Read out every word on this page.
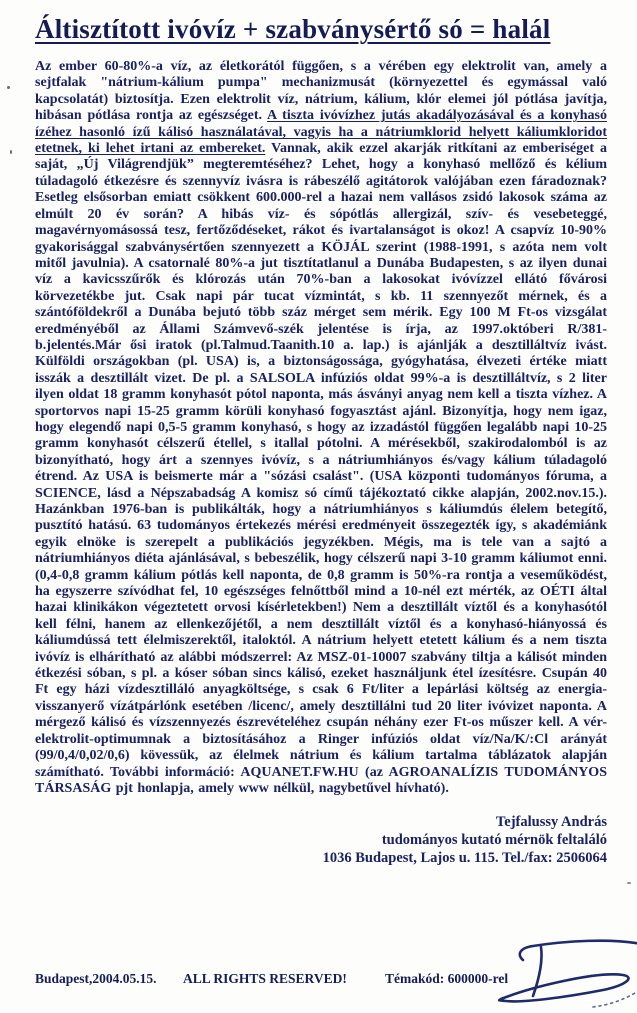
Áltisztított ivóvíz + szabványsértő só = halál

Az ember 60-80%-a víz, az életkorától függően, s a vérében egy elektrolit van, amely a sejtfalak "nátrium-kálium pumpa" mechanizmusát (környezettel és egymással való kapcsolatát) biztosítja. Ezen elektrolit víz, nátrium, kálium, klór elemei jól pótlása javítja, hibásan pótlása rontja az egészséget. A tiszta ivóvízhez jutás akadályozásával és a konyhasó ízéhez hasonló ízű kálisó használatával, vagyis ha a nátriumklorid helyett káliumkloridot etetnek, ki lehet irtani az embereket. Vannak, akik ezzel akarják ritkítani az emberiséget a saját, „Új Világrendjük” megteremtéséhez? Lehet, hogy a konyhasó mellőző és kélium túladagoló étkezésre és szennyvíz ivásra is rábeszélő agitátorok valójában ezen fáradoznak? Esetleg elsősorban emiatt csökkent 600.000-rel a hazai nem vallásos zsidó lakosok száma az elmúlt 20 év során? A hibás víz- és sópótlás allergizál, szív- és vesebeteggé, magavérnyomásossá tesz, fertőződéseket, rákot és ivartalanságot is okoz! A csapvíz 10-90% gyakorisággal szabványsértően szennyezett a KÖJÁL szerint (1988-1991, s azóta nem volt mitől javulnia). A csatornalé 80%-a jut tisztítatlanul a Dunába Budapesten, s az ilyen dunai víz a kavicsszűrők és klórozás után 70%-ban a lakosokat ivóvízzel ellátó fővárosi körvezetékbe jut. Csak napi pár tucat vízmintát, s kb. 11 szennyezőt mérnek, és a szántóföldekről a Dunába bejutó több száz mérget sem mérik. Egy 100 M Ft-os vizsgálat eredményéből az Állami Számvevő-szék jelentése is írja, az 1997.októberi R/381-b.jelentés.Már ősi iratok (pl.Talmud.Taanith.10 a. lap.) is ajánlják a desztilláltvíz ivást. Külföldi országokban (pl. USA) is, a biztonságossága, gyógyhatása, élvezeti értéke miatt isszák a desztillált vizet. De pl. a SALSOLA infúziós oldat 99%-a is desztilláltvíz, s 2 liter ilyen oldat 18 gramm konyhasót pótol naponta, más ásványi anyag nem kell a tiszta vízhez. A sportorvos napi 15-25 gramm körüli konyhasó fogyasztást ajánl. Bizonyítja, hogy nem igaz, hogy elegendő napi 0,5-5 gramm konyhasó, s hogy az izzadástól függően legalább napi 10-25 gramm konyhasót célszerű étellel, s itallal pótolni. A mérésekből, szakirodalomból is az bizonyítható, hogy árt a szennyes ivóvíz, s a nátriumhiányos és/vagy kálium túladagoló étrend. Az USA is beismerte már a "sózási csalást". (USA központi tudományos fóruma, a SCIENCE, lásd a Népszabadság A komisz só című tájékoztató cikke alapján, 2002.nov.15.). Hazánkban 1976-ban is publikálták, hogy a nátriumhiányos s káliumdús élelem betegítő, pusztító hatású. 63 tudományos értekezés mérési eredményeit összegezték így, s akadémiánk egyik elnöke is szerepelt a publikációs jegyzékben. Mégis, ma is tele van a sajtó a nátriumhiányos diéta ajánlásával, s bebeszélik, hogy célszerű napi 3-10 gramm káliumot enni. (0,4-0,8 gramm kálium pótlás kell naponta, de 0,8 gramm is 50%-ra rontja a veseműködést, ha egyszerre szívódhat fel, 10 egészséges felnőttből mind a 10-nél ezt mérték, az OÉTI által hazai klinikákon végeztetett orvosi kísérletekben!) Nem a desztillált víztől és a konyhasótól kell félni, hanem az ellenkezőjétől, a nem desztillált víztől és a konyhasó-hiányossá és káliumdússá tett élelmiszerektől, italoktól. A nátrium helyett etetett kálium és a nem tiszta ivóvíz is elhárítható az alábbi módszerrel: Az MSZ-01-10007 szabvány tiltja a kálisót minden étkezési sóban, s pl. a kóser sóban sincs kálisó, ezeket használjunk étel ízesítésre. Csupán 40 Ft egy házi vízdesztilláló anyagköltsége, s csak 6 Ft/liter a lepárlási költség az energia-visszanyerő vízátpárlónk esetében /licenc/, amely desztillálni tud 20 liter ivóvizet naponta. A mérgező kálisó és vízszennyezés észrevételéhez csupán néhány ezer Ft-os műszer kell. A vér-elektrolit-optimumnak a biztosításához a Ringer infúziós oldat víz/Na/K/:Cl arányát (99/0,4/0,02/0,6) kövessük, az élelmek nátrium és kálium tartalma táblázatok alapján számítható. További információ: AQUANET.FW.HU (az AGROANALÍZIS TUDOMÁNYOS TÁRSASÁG pjt honlapja, amely www nélkül, nagybetűvel hívható).

Tejfalussy András
tudományos kutató mérnök feltaláló
1036 Budapest, Lajos u. 115. Tel./fax: 2506064
Budapest,2004.05.15. ALL RIGHTS RESERVED!	Témakód: 600000-rel
